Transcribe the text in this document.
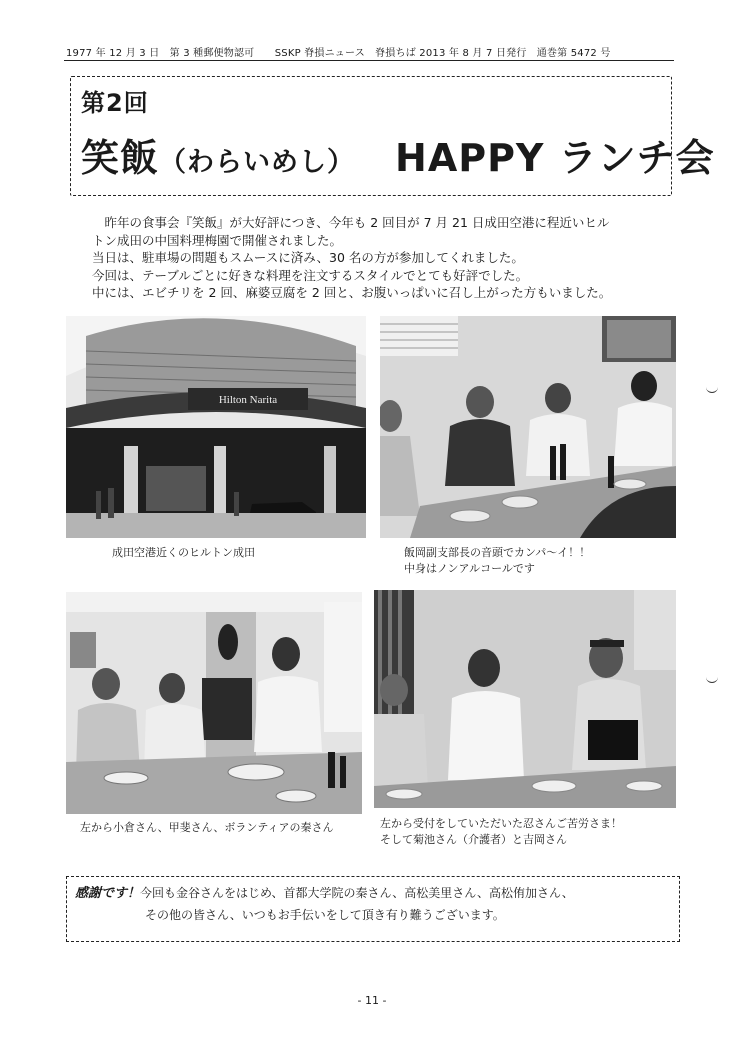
1977 年 12 月 3 日　第 3 種郵便物認可　　SSKP 脊損ニュース　脊損ちば 2013 年 8 月 7 日発行　通巻第 5472 号
第2回
笑飯（わらいめし） HAPPY ランチ会

　昨年の食事会『笑飯』が大好評につき、今年も 2 回目が 7 月 21 日成田空港に程近いヒル

トン成田の中国料理梅園で開催されました。

当日は、駐車場の問題もスムースに済み、30 名の方が参加してくれました。

今回は、テーブルごとに好きな料理を注文するスタイルでとても好評でした。

中には、エビチリを 2 回、麻婆豆腐を 2 回と、お腹いっぱいに召し上がった方もいました。

Hilton Narita
成田空港近くのヒルトン成田	飯岡副支部長の音頭でカンパ～イ！！
中身はノンアルコールです
左から小倉さん、甲斐さん、ボランティアの秦さん	左から受付をしていただいた忍さんご苦労さま！
そして菊池さん（介護者）と吉岡さん
感謝です！今回も金谷さんをはじめ、首都大学院の秦さん、高松美里さん、高松侑加さん、
その他の皆さん、いつもお手伝いをして頂き有り難うございます。
- 11 -
